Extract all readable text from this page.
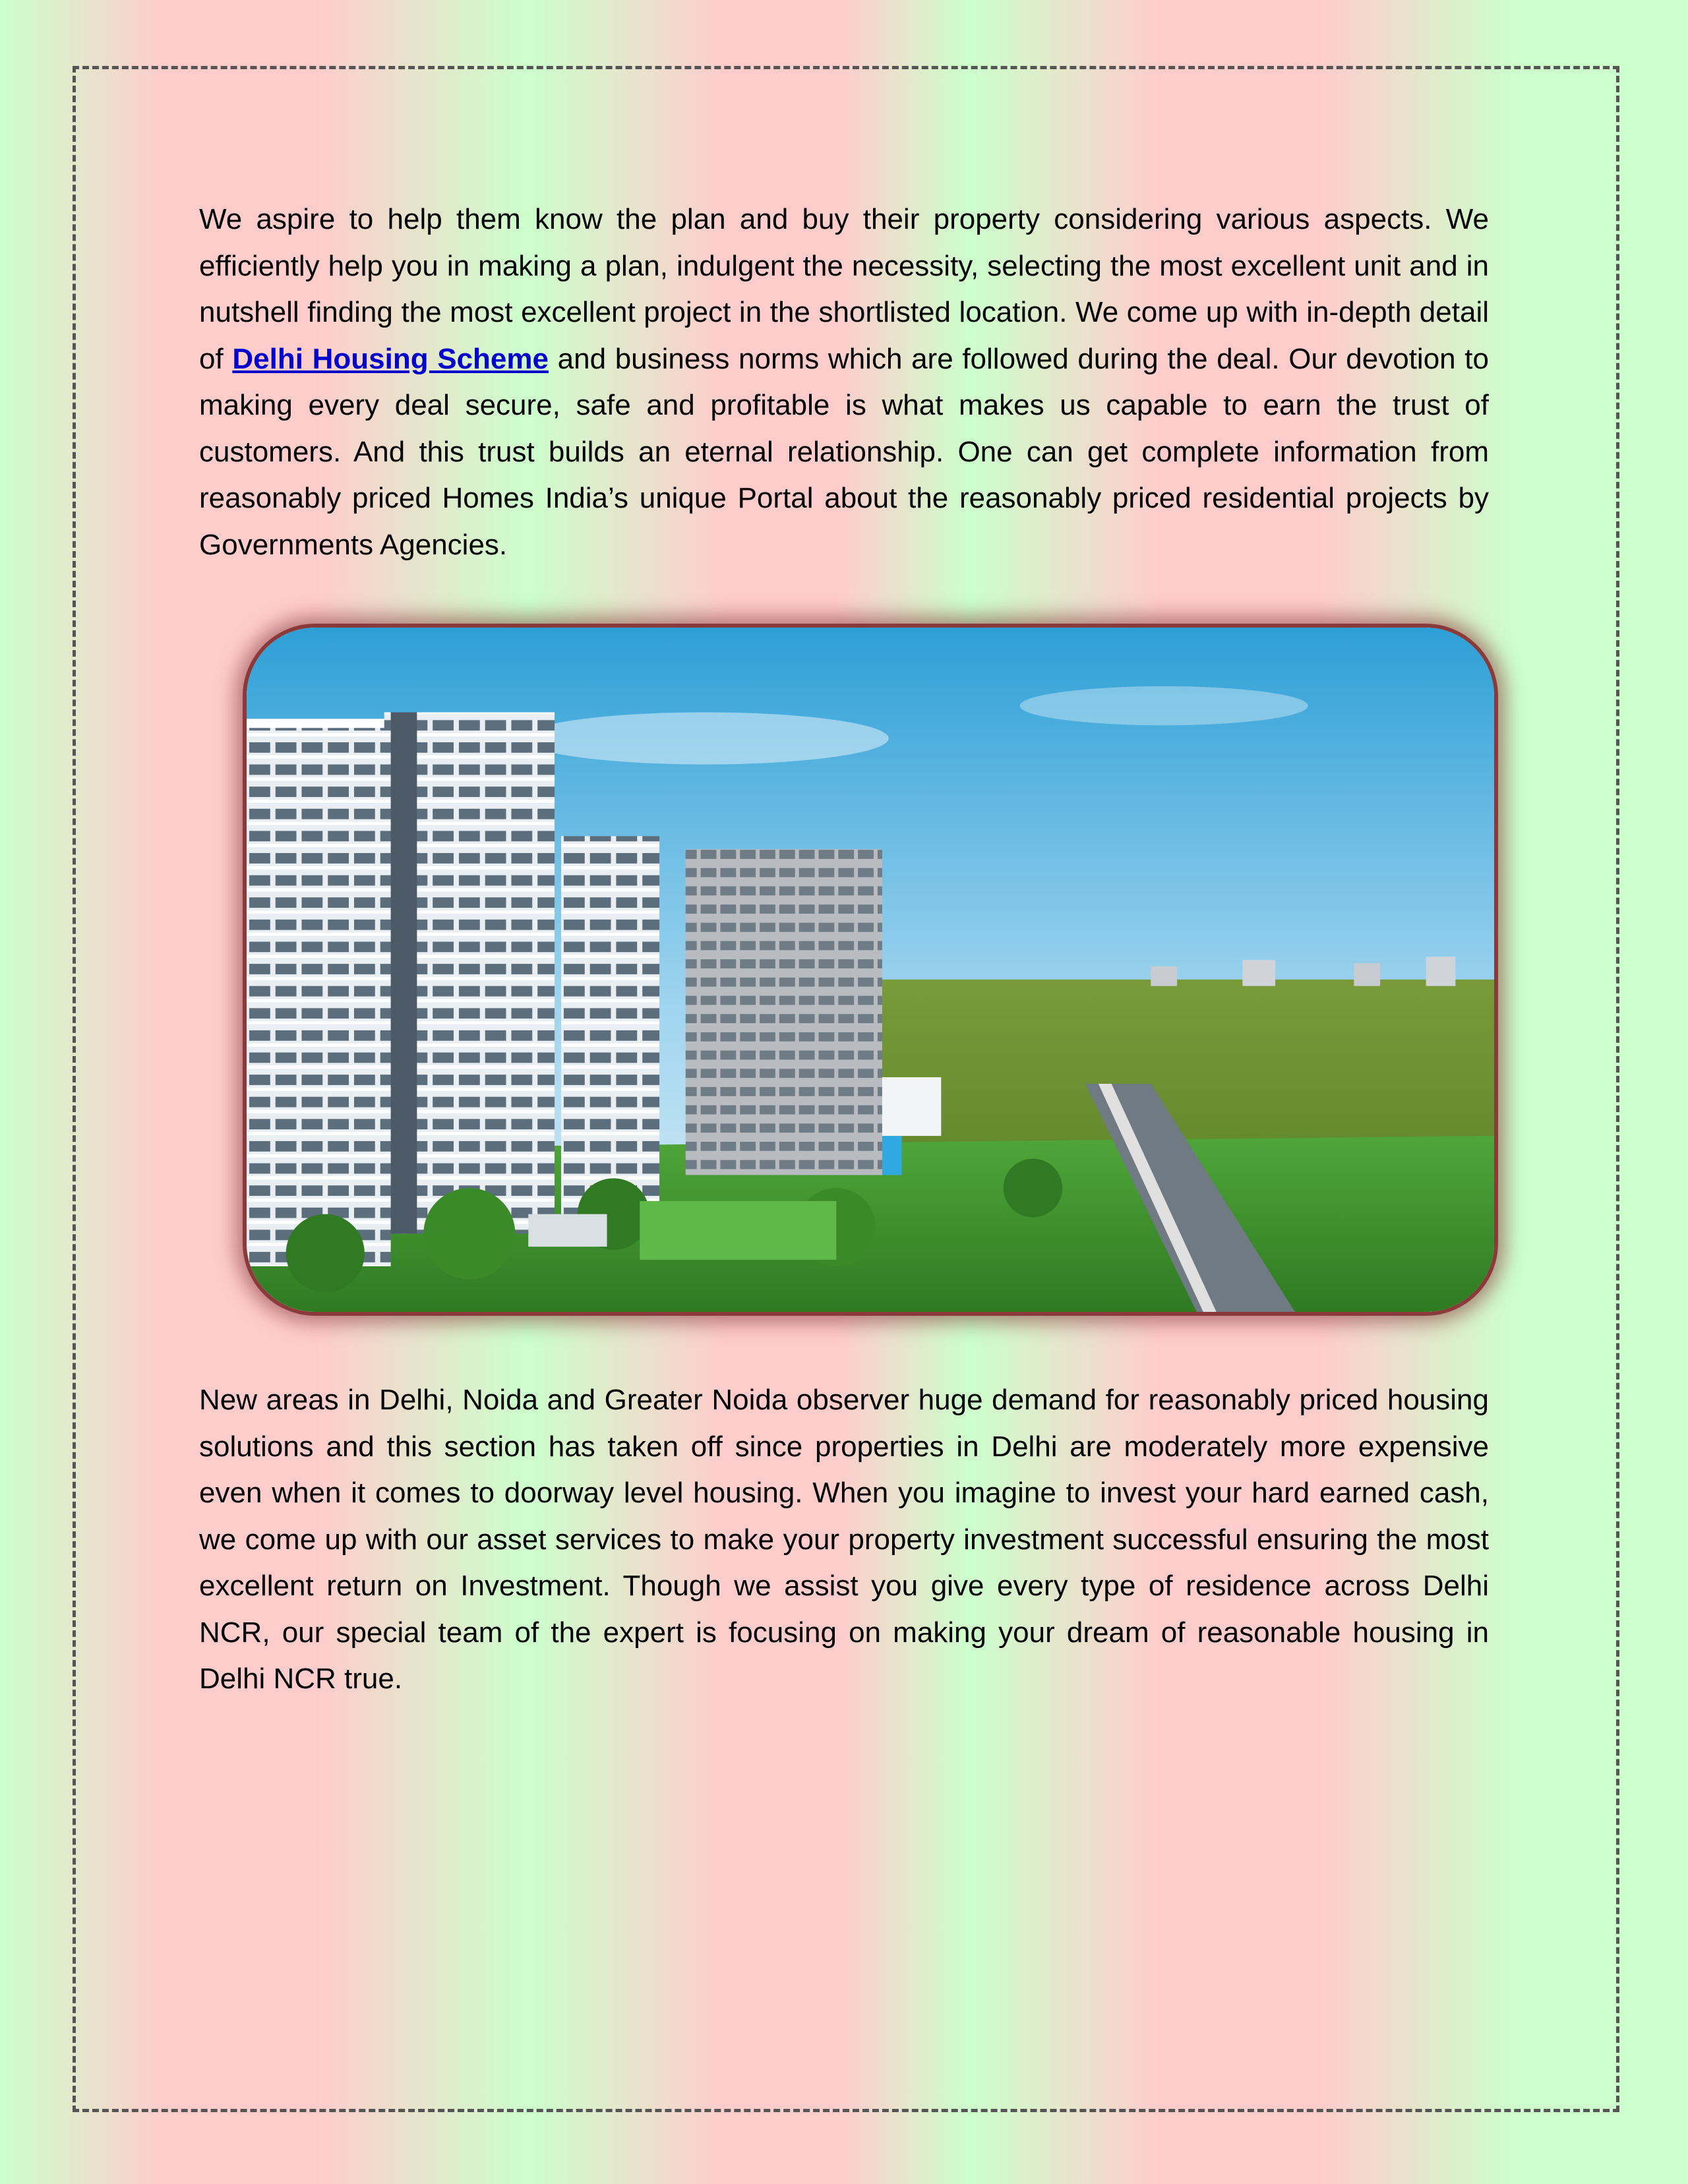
We aspire to help them know the plan and buy their property considering various aspects. We efficiently help you in making a plan, indulgent the necessity, selecting the most excellent unit and in nutshell finding the most excellent project in the shortlisted location. We come up with in-depth detail of Delhi Housing Scheme and business norms which are followed during the deal. Our devotion to making every deal secure, safe and profitable is what makes us capable to earn the trust of customers. And this trust builds an eternal relationship. One can get complete information from reasonably priced Homes India’s unique Portal about the reasonably priced residential projects by Governments Agencies.

New areas in Delhi, Noida and Greater Noida observer huge demand for reasonably priced housing solutions and this section has taken off since properties in Delhi are moderately more expensive even when it comes to doorway level housing. When you imagine to invest your hard earned cash, we come up with our asset services to make your property investment successful ensuring the most excellent return on Investment. Though we assist you give every type of residence across Delhi NCR, our special team of the expert is focusing on making your dream of reasonable housing in Delhi NCR true.
